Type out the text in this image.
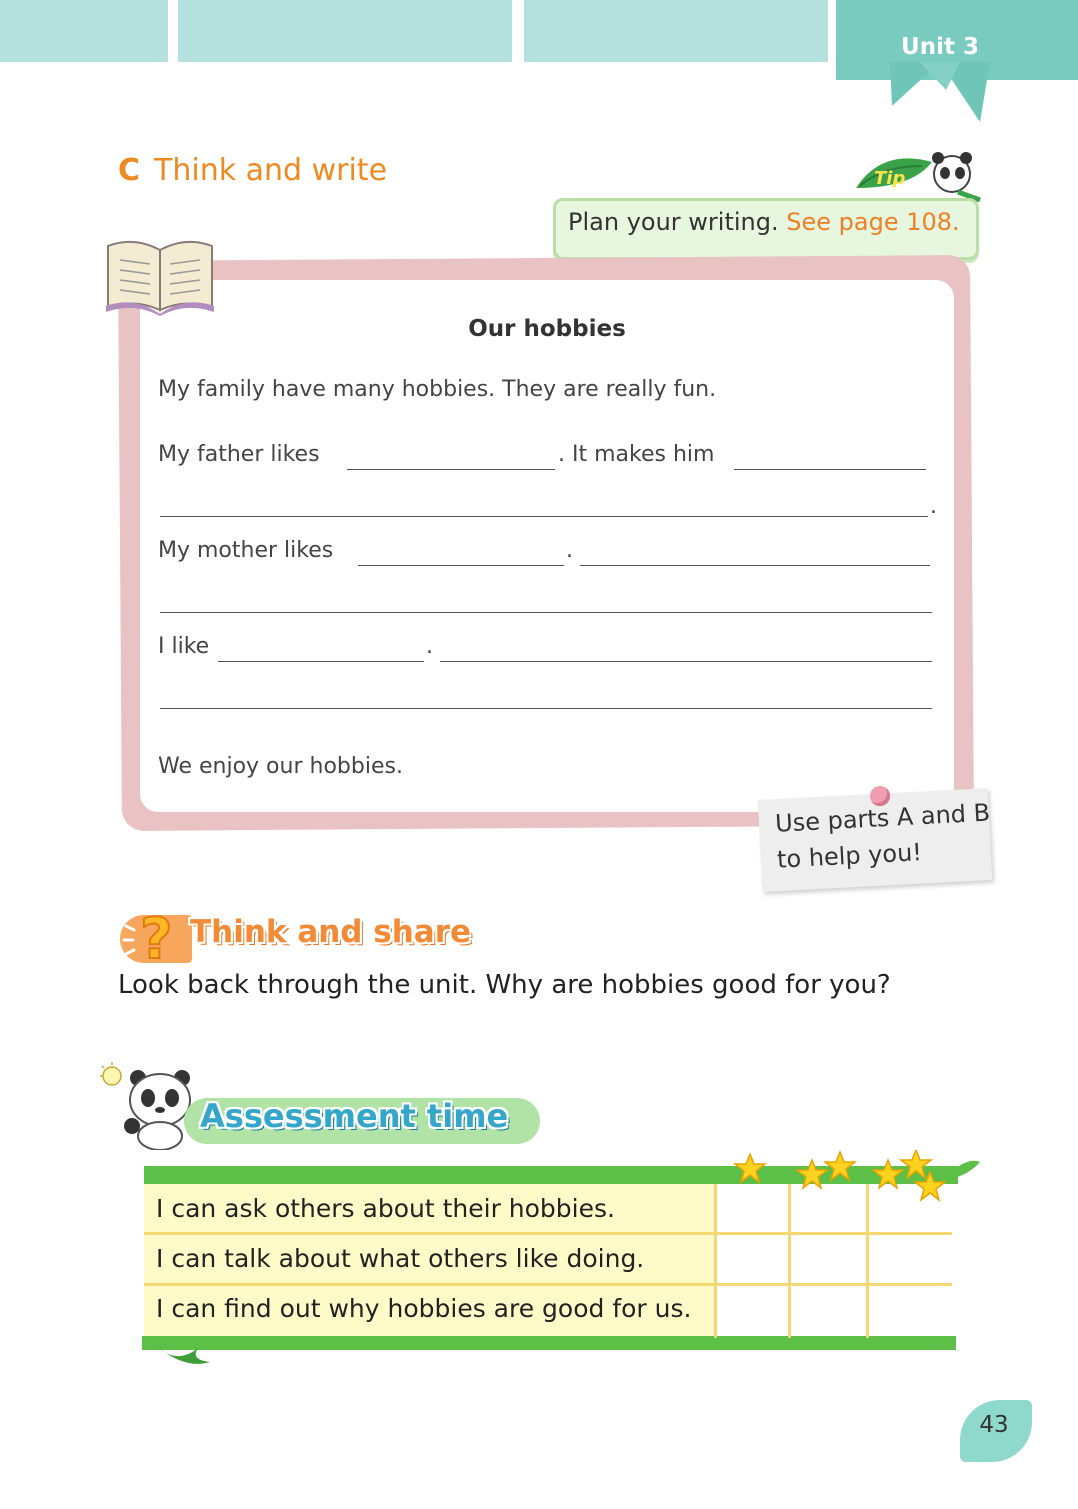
Unit 3
C Think and write	Tip
Plan your writing. See page 108.
Our hobbies
My family have many hobbies. They are really fun.
My father likes	. It makes him
.
My mother likes	.
I like	.
We enjoy our hobbies.
Use parts A and B to help you!
? Think and share
Look back through the unit. Why are hobbies good for you?
Assessment time
I can ask others about their hobbies.
I can talk about what others like doing.
I can find out why hobbies are good for us.
43
